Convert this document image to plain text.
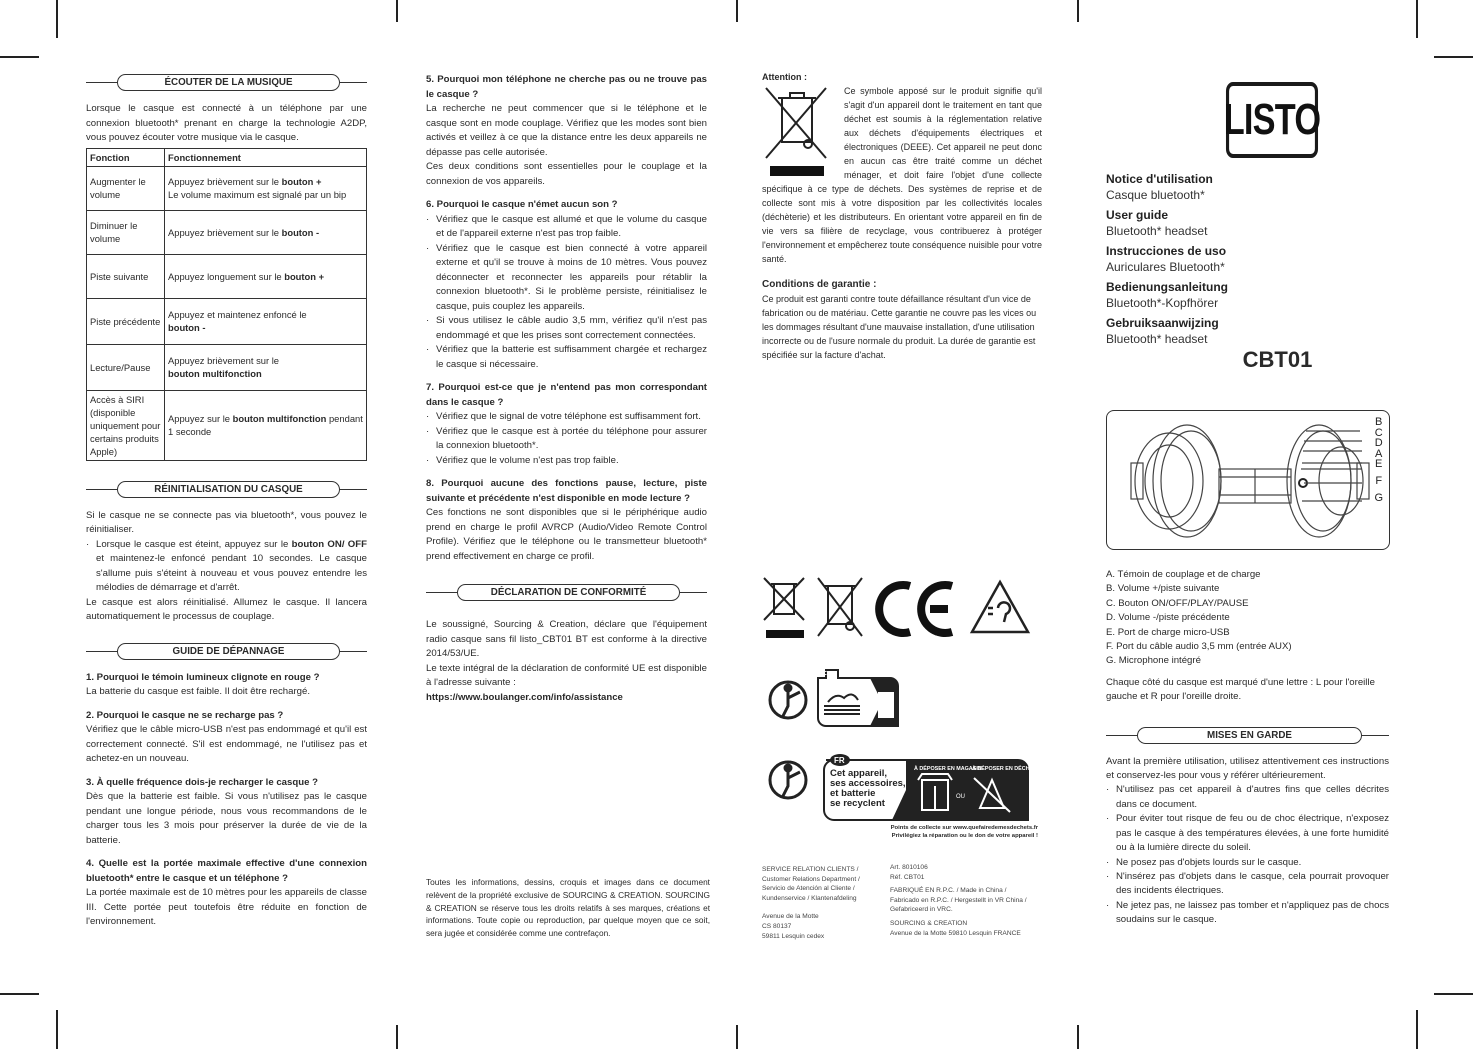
ÉCOUTER DE LA MUSIQUE

Lorsque le casque est connecté à un téléphone par une connexion bluetooth* prenant en charge la technologie A2DP, vous pouvez écouter votre musique via le casque.

Fonction	Fonctionnement
Augmenter le volume	Appuyez brièvement sur le bouton +
Le volume maximum est signalé par un bip
Diminuer le volume	Appuyez brièvement sur le bouton -
Piste suivante	Appuyez longuement sur le bouton +
Piste précédente	Appuyez et maintenez enfoncé le
bouton -
Lecture/Pause	Appuyez brièvement sur le
bouton multifonction
Accès à SIRI (disponible uniquement pour certains produits Apple)	Appuyez sur le bouton multifonction pendant 1 seconde
RÉINITIALISATION DU CASQUE

Si le casque ne se connecte pas via bluetooth*, vous pouvez le réinitialiser.

· Lorsque le casque est éteint, appuyez sur le bouton ON/ OFF et maintenez-le enfoncé pendant 10 secondes. Le casque s'allume puis s'éteint à nouveau et vous pouvez entendre les mélodies de démarrage et d'arrêt.

Le casque est alors réinitialisé. Allumez le casque. Il lancera automatiquement le processus de couplage.

GUIDE DE DÉPANNAGE

1. Pourquoi le témoin lumineux clignote en rouge ?

La batterie du casque est faible. Il doit être rechargé.

2. Pourquoi le casque ne se recharge pas ?

Vérifiez que le câble micro-USB n'est pas endommagé et qu'il est correctement connecté. S'il est endommagé, ne l'utilisez pas et achetez-en un nouveau.

3. À quelle fréquence dois-je recharger le casque ?

Dès que la batterie est faible. Si vous n'utilisez pas le casque pendant une longue période, nous vous recommandons de le charger tous les 3 mois pour préserver la durée de vie de la batterie.

4. Quelle est la portée maximale effective d'une connexion bluetooth* entre le casque et un téléphone ?

La portée maximale est de 10 mètres pour les appareils de classe III. Cette portée peut toutefois être réduite en fonction de l'environnement.

5. Pourquoi mon téléphone ne cherche pas ou ne trouve pas le casque ?

La recherche ne peut commencer que si le téléphone et le casque sont en mode couplage. Vérifiez que les modes sont bien activés et veillez à ce que la distance entre les deux appareils ne dépasse pas celle autorisée.

Ces deux conditions sont essentielles pour le couplage et la connexion de vos appareils.

6. Pourquoi le casque n'émet aucun son ?

· Vérifiez que le casque est allumé et que le volume du casque et de l'appareil externe n'est pas trop faible.
· Vérifiez que le casque est bien connecté à votre appareil externe et qu'il se trouve à moins de 10 mètres. Vous pouvez déconnecter et reconnecter les appareils pour rétablir la connexion bluetooth*. Si le problème persiste, réinitialisez le casque, puis couplez les appareils.
· Si vous utilisez le câble audio 3,5 mm, vérifiez qu'il n'est pas endommagé et que les prises sont correctement connectées.
· Vérifiez que la batterie est suffisamment chargée et rechargez le casque si nécessaire.

7. Pourquoi est-ce que je n'entend pas mon correspondant dans le casque ?

· Vérifiez que le signal de votre téléphone est suffisamment fort.
· Vérifiez que le casque est à portée du téléphone pour assurer la connexion bluetooth*.
· Vérifiez que le volume n'est pas trop faible.

8. Pourquoi aucune des fonctions pause, lecture, piste suivante et précédente n'est disponible en mode lecture ?

Ces fonctions ne sont disponibles que si le périphérique audio prend en charge le profil AVRCP (Audio/Video Remote Control Profile). Vérifiez que le téléphone ou le transmetteur bluetooth* prend effectivement en charge ce profil.

DÉCLARATION DE CONFORMITÉ

Le soussigné, Sourcing & Creation, déclare que l'équipement radio casque sans fil listo_CBT01 BT est conforme à la directive 2014/53/UE.

Le texte intégral de la déclaration de conformité UE est disponible à l'adresse suivante :

https://www.boulanger.com/info/assistance

Toutes les informations, dessins, croquis et images dans ce document relèvent de la propriété exclusive de SOURCING & CREATION. SOURCING & CREATION se réserve tous les droits relatifs à ses marques, créations et informations. Toute copie ou reproduction, par quelque moyen que ce soit, sera jugée et considérée comme une contrefaçon.
Attention :

Ce symbole apposé sur le produit signifie qu'il s'agit d'un appareil dont le traitement en tant que déchet est soumis à la réglementation relative aux déchets d'équipements électriques et électroniques (DEEE). Cet appareil ne peut donc en aucun cas être traité comme un déchet ménager, et doit faire l'objet d'une collecte spécifique à ce type de déchets. Des systèmes de reprise et de collecte sont mis à votre disposition par les collectivités locales (déchèterie) et les distributeurs. En orientant votre appareil en fin de vie vers sa filière de recyclage, vous contribuerez à protéger l'environnement et empêcherez toute conséquence nuisible pour votre santé.

Conditions de garantie :

Ce produit est garanti contre toute défaillance résultant d'un vice de fabrication ou de matériau. Cette garantie ne couvre pas les vices ou les dommages résultant d'une mauvaise installation, d'une utilisation incorrecte ou de l'usure normale du produit. La durée de garantie est spécifiée sur la facture d'achat.

FR
FR
Cet appareil,
ses accessoires,
et batterie
se recyclent
À DÉPOSER EN MAGASIN
À DÉPOSER EN DÉCHÈTERIE
OU
Points de collecte sur www.quefairedemesdechets.fr
Privilégiez la réparation ou le don de votre appareil !
SERVICE RELATION CLIENTS /
Customer Relations Department /
Servicio de Atención al Cliente /
Kundenservice / Klantenafdeling
Avenue de la Motte
CS 80137
59811 Lesquin cedex
Art. 8010106
Réf. CBT01
FABRIQUÉ EN R.P.C. / Made in China /
Fabricado en R.P.C. / Hergestellt in VR China /
Gefabriceerd in VRC.
SOURCING & CREATION
Avenue de la Motte 59810 Lesquin FRANCE
LISTO
Notice d'utilisation
Casque bluetooth*
User guide
Bluetooth* headset
Instrucciones de uso
Auriculares Bluetooth*
Bedienungsanleitung
Bluetooth*-Kopfhörer
Gebruiksaanwijzing
Bluetooth* headset
CBT01
B
C
D
A
E
F
G
A. Témoin de couplage et de charge
B. Volume +/piste suivante
C. Bouton ON/OFF/PLAY/PAUSE
D. Volume -/piste précédente
E. Port de charge micro-USB
F. Port du câble audio 3,5 mm (entrée AUX)
G. Microphone intégré

Chaque côté du casque est marqué d'une lettre : L pour l'oreille gauche et R pour l'oreille droite.

MISES EN GARDE

Avant la première utilisation, utilisez attentivement ces instructions et conservez-les pour vous y référer ultérieurement.

· N'utilisez pas cet appareil à d'autres fins que celles décrites dans ce document.
· Pour éviter tout risque de feu ou de choc électrique, n'exposez pas le casque à des températures élevées, à une forte humidité ou à la lumière directe du soleil.
· Ne posez pas d'objets lourds sur le casque.
· N'insérez pas d'objets dans le casque, cela pourrait provoquer des incidents électriques.
· Ne jetez pas, ne laissez pas tomber et n'appliquez pas de chocs soudains sur le casque.
